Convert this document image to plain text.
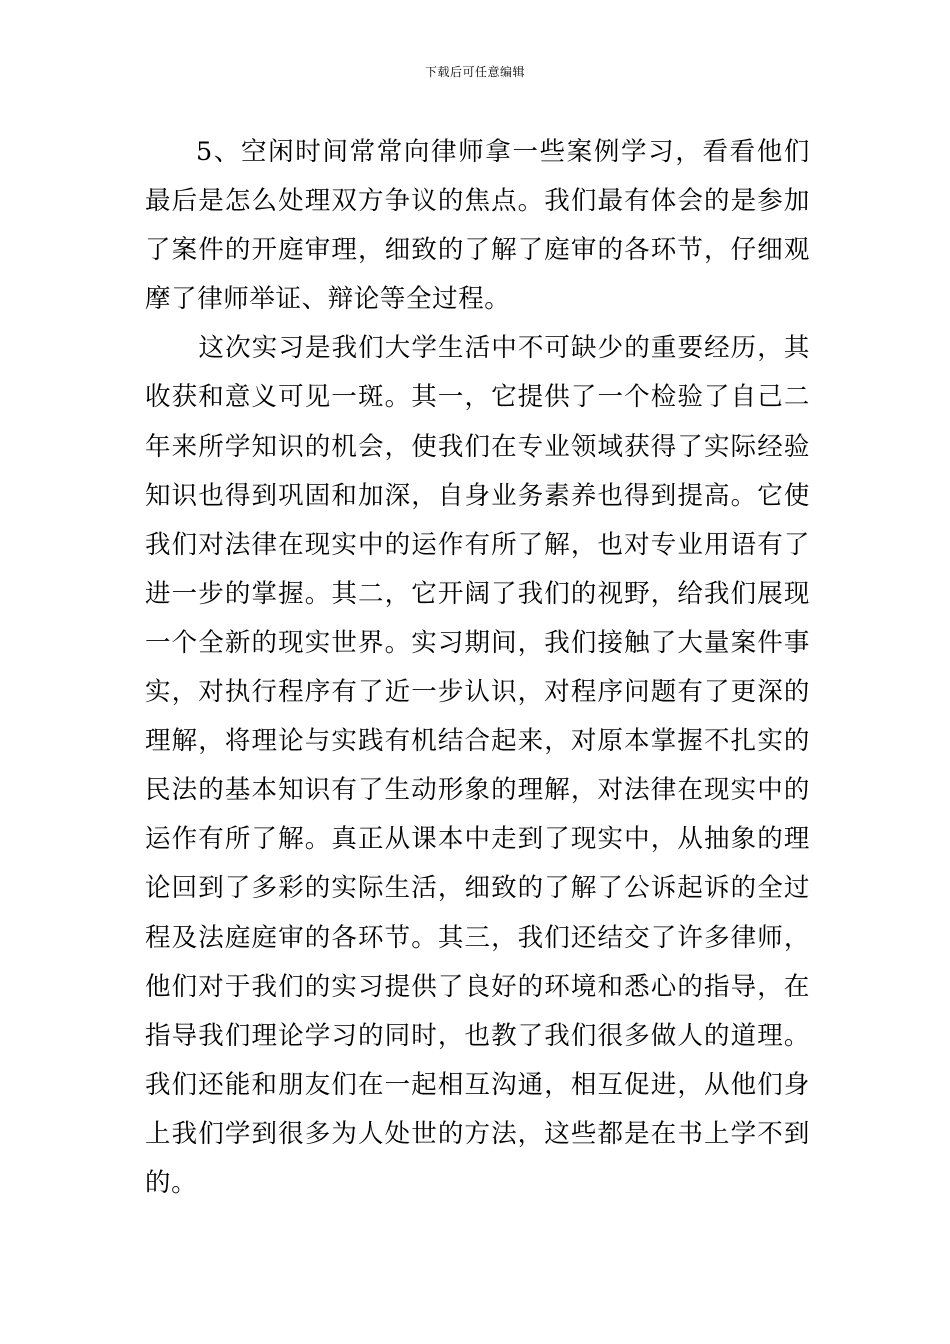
下载后可任意编辑

5、空闲时间常常向律师拿一些案例学习，看看他们最后是怎么处理双方争议的焦点。我们最有体会的是参加了案件的开庭审理，细致的了解了庭审的各环节，仔细观摩了律师举证、辩论等全过程。

这次实习是我们大学生活中不可缺少的重要经历，其收获和意义可见一斑。其一，它提供了一个检验了自己二年来所学知识的机会，使我们在专业领域获得了实际经验知识也得到巩固和加深，自身业务素养也得到提高。它使我们对法律在现实中的运作有所了解，也对专业用语有了进一步的掌握。其二，它开阔了我们的视野，给我们展现一个全新的现实世界。实习期间，我们接触了大量案件事实，对执行程序有了近一步认识，对程序问题有了更深的理解，将理论与实践有机结合起来，对原本掌握不扎实的民法的基本知识有了生动形象的理解，对法律在现实中的运作有所了解。真正从课本中走到了现实中，从抽象的理论回到了多彩的实际生活，细致的了解了公诉起诉的全过程及法庭庭审的各环节。其三，我们还结交了许多律师，他们对于我们的实习提供了良好的环境和悉心的指导，在指导我们理论学习的同时，也教了我们很多做人的道理。我们还能和朋友们在一起相互沟通，相互促进，从他们身上我们学到很多为人处世的方法，这些都是在书上学不到的。
